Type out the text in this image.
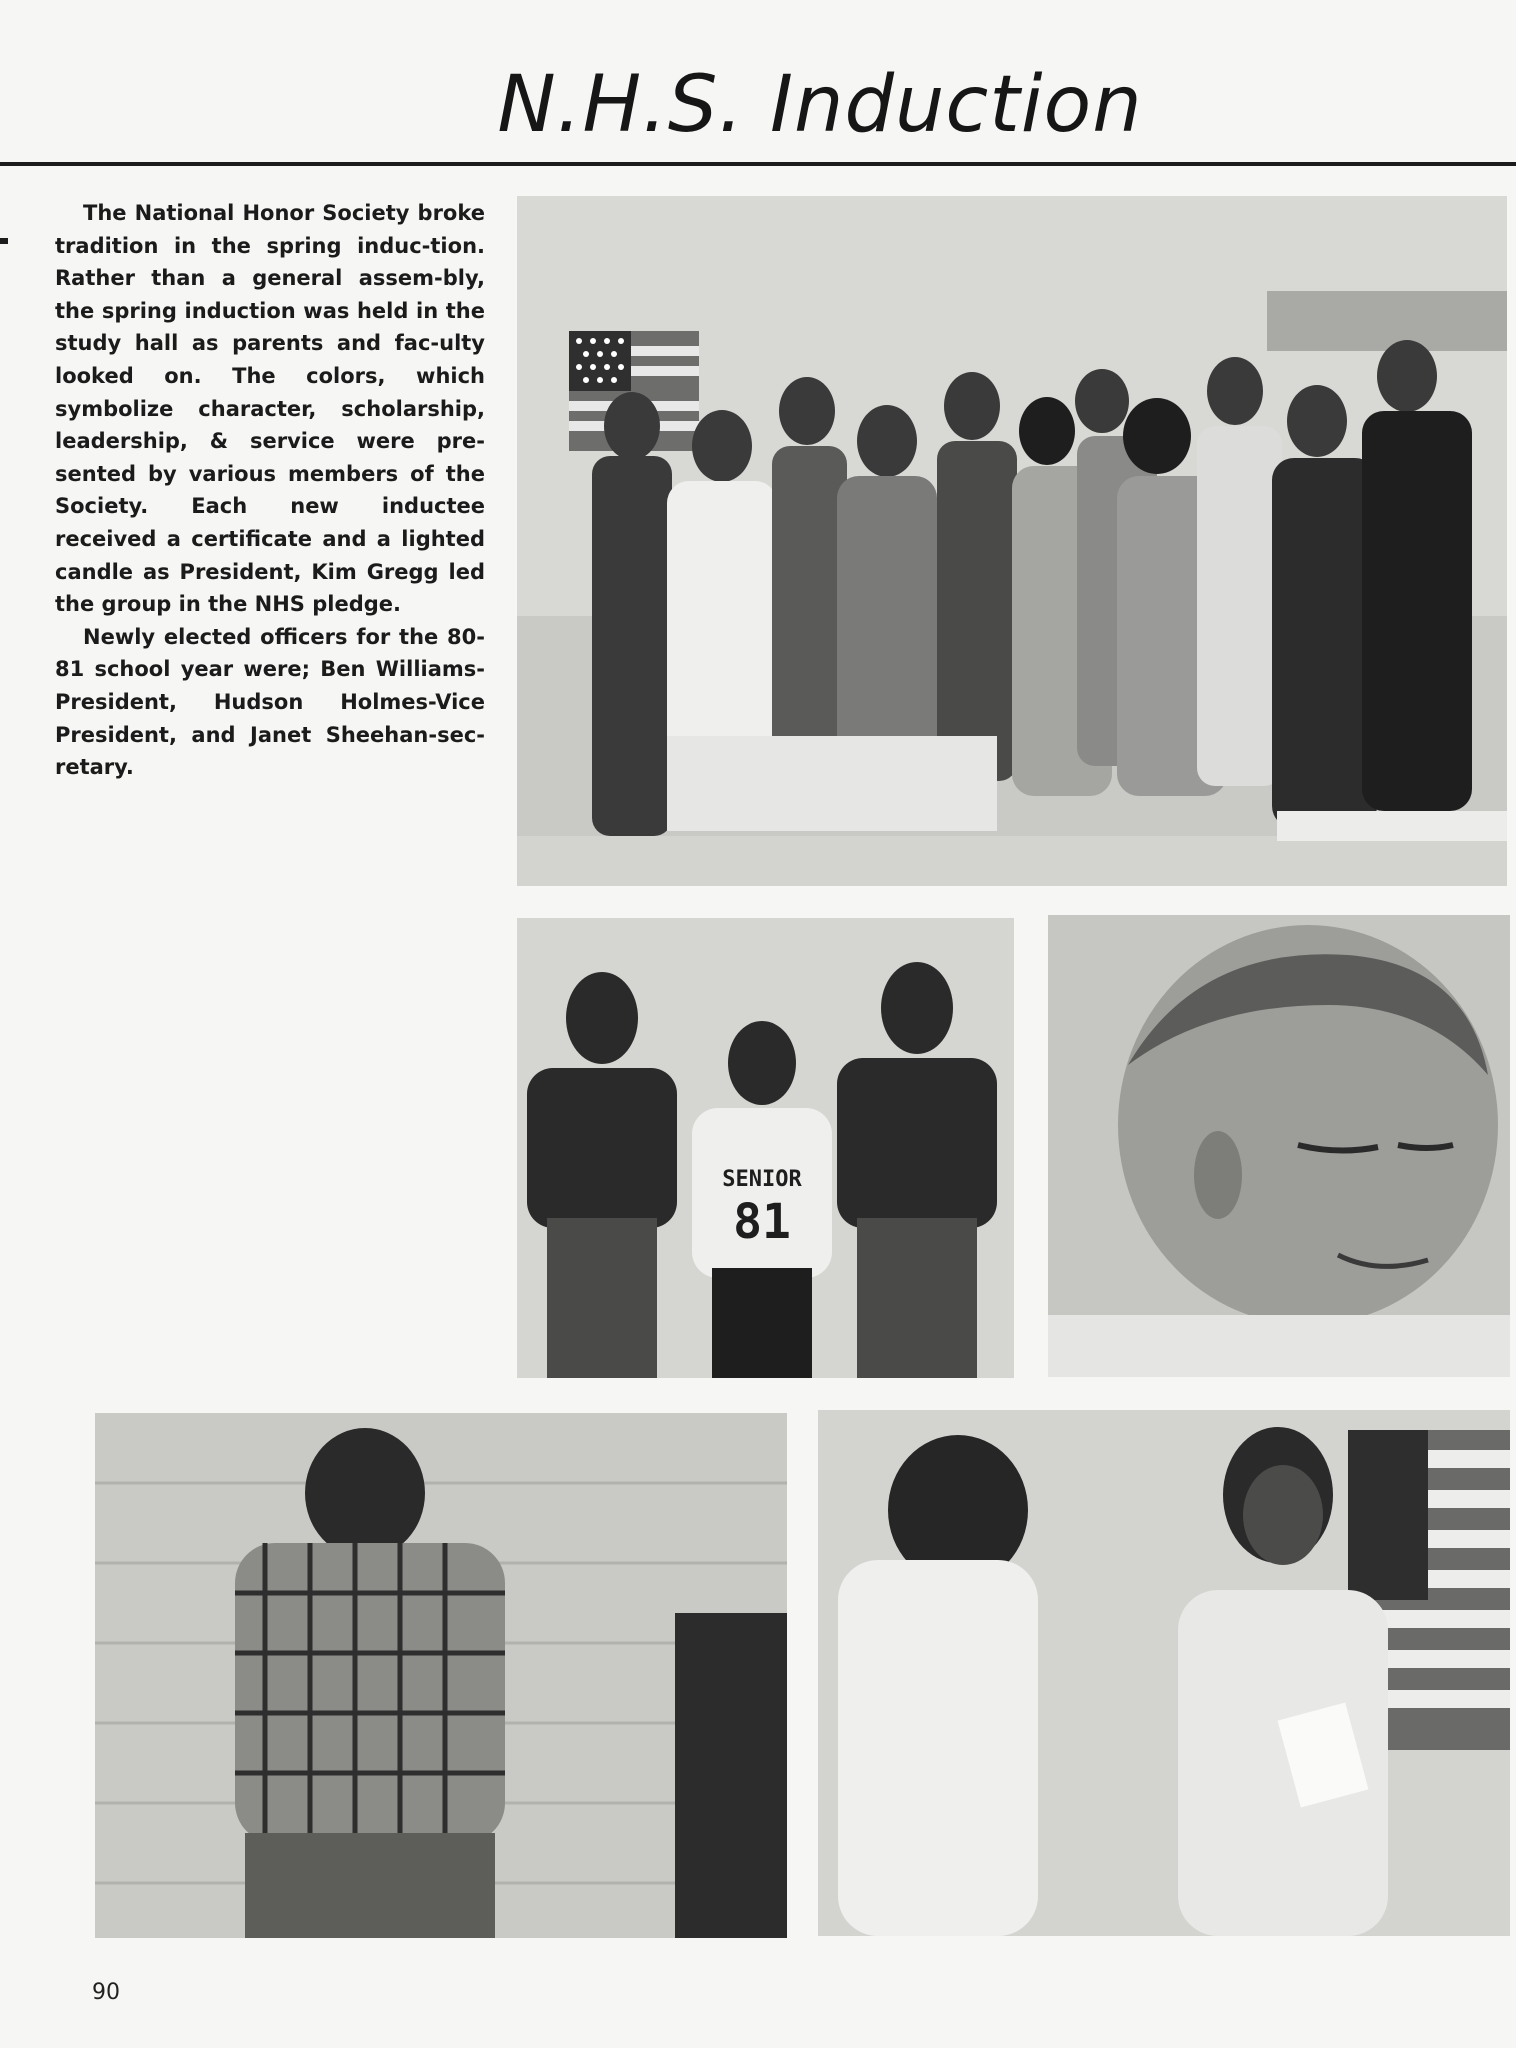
N.H.S. Induction

The National Honor Society broke tradition in the spring induc-tion. Rather than a general assem-bly, the spring induction was held in the study hall as parents and fac-ulty looked on. The colors, which symbolize character, scholarship, leadership, & service were pre-sented by various members of the Society. Each new inductee received a certificate and a lighted candle as President, Kim Gregg led the group in the NHS pledge.

Newly elected officers for the 80-81 school year were; Ben Williams-President, Hudson Holmes-Vice President, and Janet Sheehan-sec-retary.

SENIOR
81
90
